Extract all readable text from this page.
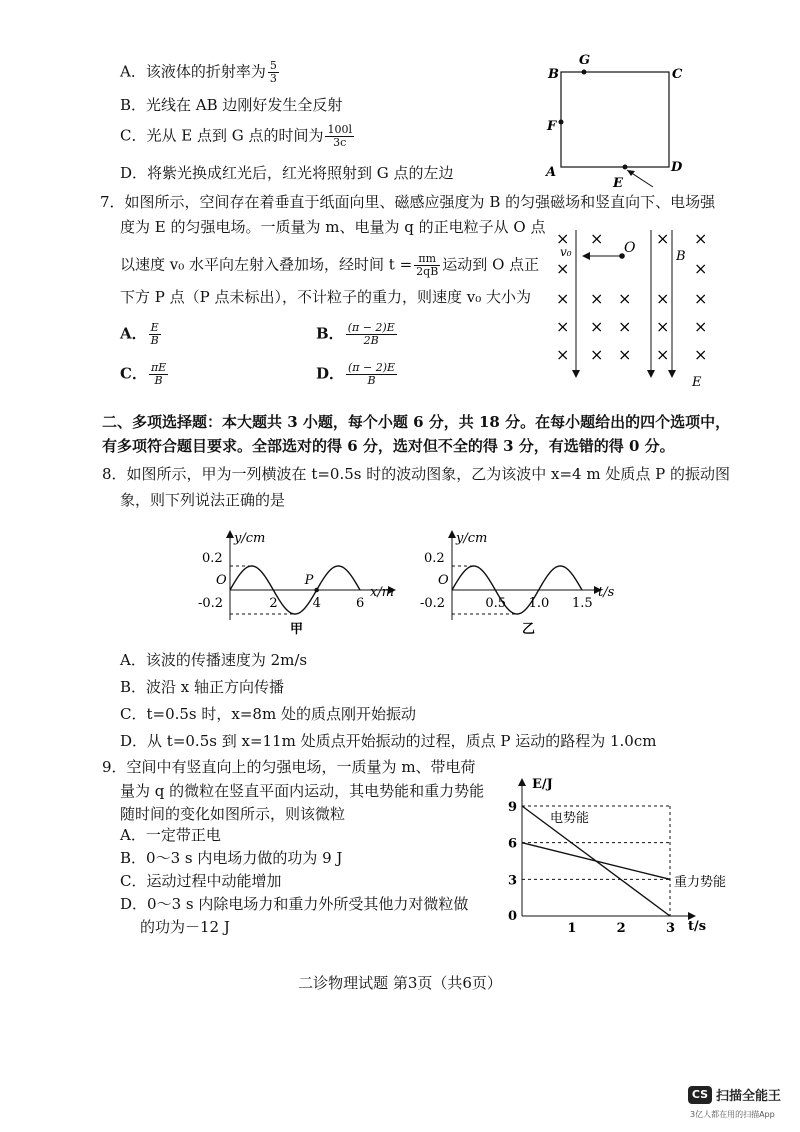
A．该液体的折射率为 $\frac{5}{3}$
B．光线在 AB 边刚好发生全反射
C．光从 E 点到 G 点的时间为 $\frac{100l}{3c}$
D．将紫光换成红光后，红光将照射到 G 点的左边
G
B	C
F
A	D
E
7．如图所示，空间存在着垂直于纸面向里、磁感应强度为 B 的匀强磁场和竖直向下、电场强
度为 E 的匀强电场。一质量为 m、电量为 q 的正电粒子从 O 点
以速度 v₀ 水平向左射入叠加场，经时间 $t = \frac{\pi m}{2qB}$ 运动到 O 点正
下方 P 点（P 点未标出），不计粒子的重力，则速度 v₀ 大小为
A． $\frac{E}{B}$	B． $\frac{(\pi - 2)E}{2B}$
C． $\frac{\pi E}{B}$	D． $\frac{(\pi - 2)E}{B}$
× ×	× ×
×	×
× × × × ×
× × × × ×
× × × × ×
v₀	O
B
E
二、多项选择题：本大题共 3 小题，每个小题 6 分，共 18 分。在每小题给出的四个选项中，
有多项符合题目要求。全部选对的得 6 分，选对但不全的得 3 分，有选错的得 0 分。
8．如图所示，甲为一列横波在 t=0.5s 时的波动图象，乙为该波中 x=4 m 处质点 P 的振动图
象，则下列说法正确的是
P
2	4	6
0.2
-0.2
O
y/cm
x/m
甲
0.5 1.0 1.5
0.2
-0.2
O
y/cm
t/s
乙
A．该波的传播速度为 2m/s
B．波沿 x 轴正方向传播
C．t=0.5s 时，x=8m 处的质点刚开始振动
D．从 t=0.5s 到 x=11m 处质点开始振动的过程，质点 P 运动的路程为 1.0cm
9．空间中有竖直向上的匀强电场，一质量为 m、带电荷
量为 q 的微粒在竖直平面内运动，其电势能和重力势能
随时间的变化如图所示，则该微粒
A．一定带正电
B．0～3 s 内电场力做的功为 9 J
C．运动过程中动能增加
D．0～3 s 内除电场力和重力外所受其他力对微粒做
的功为－12 J
9
6
3
1	2	3
0
E/J
t/s
电势能
重力势能
二诊物理试题 第3页（共6页）
CS 扫描全能王
3亿人都在用的扫描App
